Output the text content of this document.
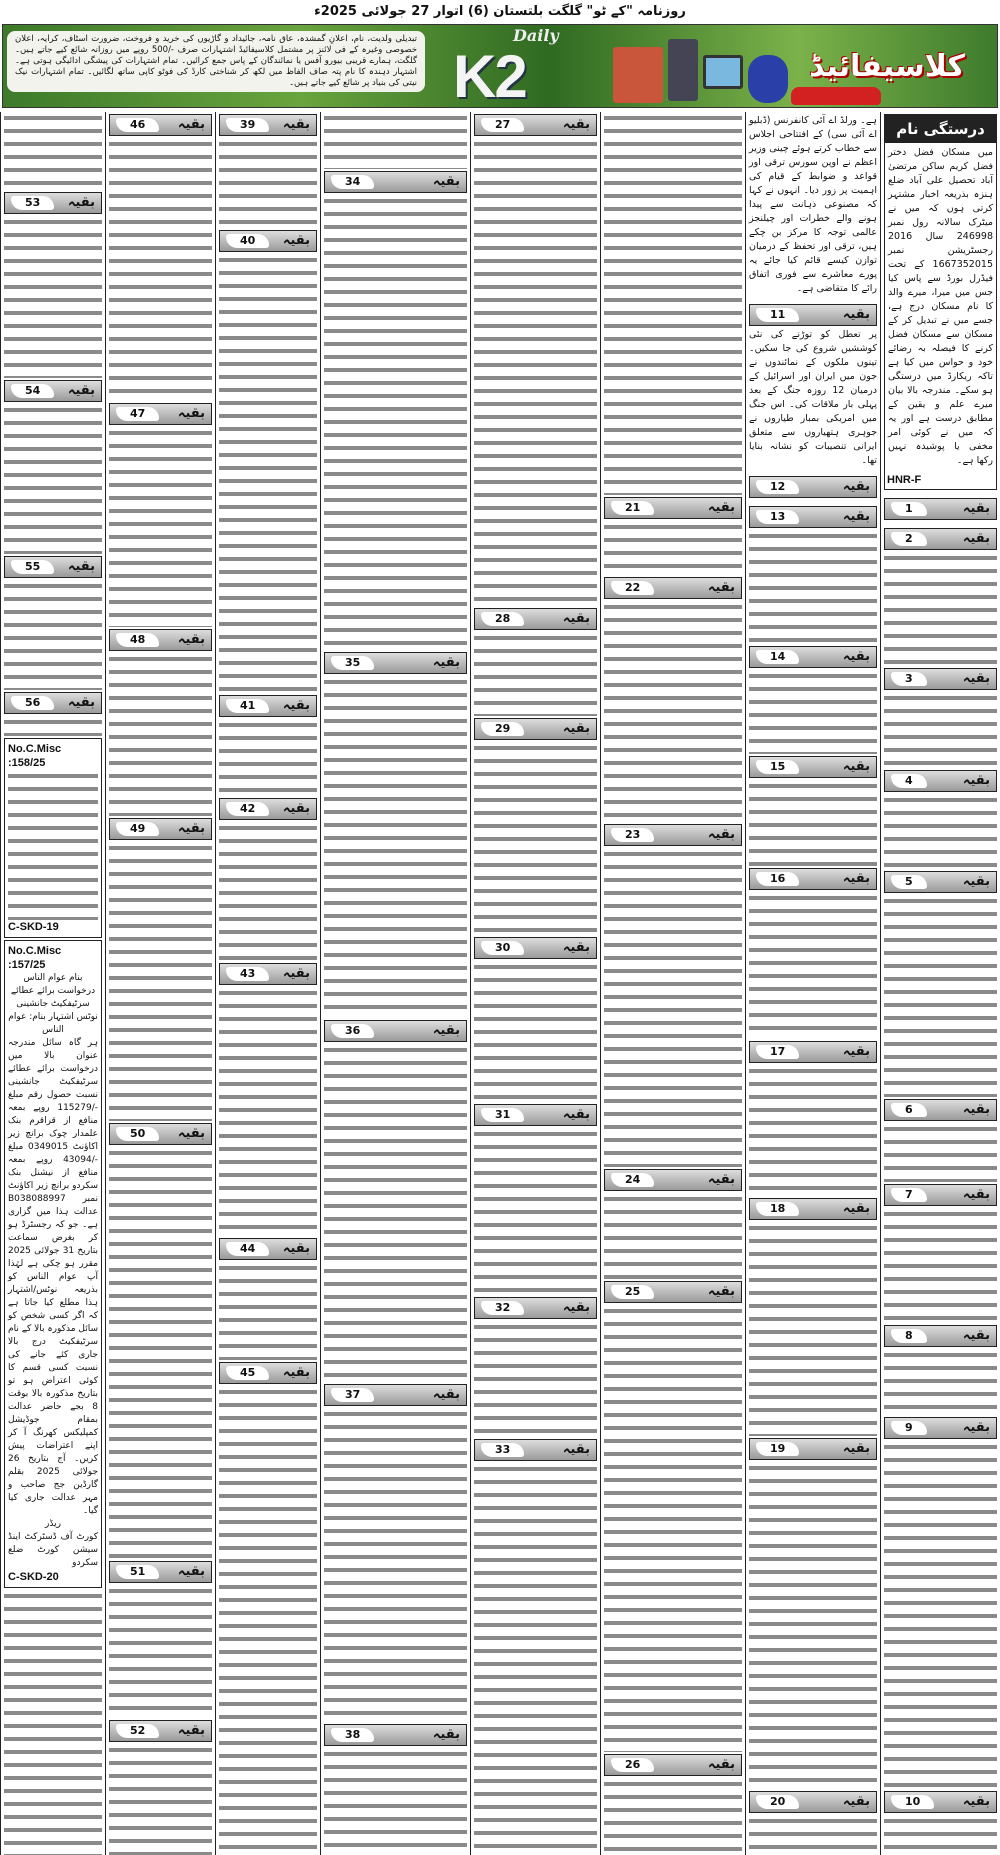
روزنامہ "کے ٹو" گلگت بلتستان (6) اتوار 27 جولائی 2025ء
تبدیلی ولدیت، نام، اعلانِ گمشدہ، عاق نامہ، جائیداد و گاڑیوں کی خرید و فروخت، ضرورت اسٹاف، کرایہ، اعلان خصوصی وغیرہ کے فی لائنز پر مشتمل کلاسیفائیڈ اشتہارات صرف -/500 روپے میں روزانہ شائع کیے جاتے ہیں۔ گلگت، ہمارے قریبی بیورو آفس یا نمائندگان کے پاس جمع کرائیں۔ تمام اشتہارات کی پیشگی ادائیگی ہوتی ہے۔ اشتہار دہندہ کا نام پتہ صاف الفاظ میں لکھ کر شناختی کارڈ کی فوٹو کاپی ساتھ لگائیں۔ تمام اشتہارات نیک نیتی کی بنیاد پر شائع کیے جاتے ہیں۔
Daily
K2	کلاسیفائیڈ
درستگی نام
میں مسکان فضل دختر فضل کریم ساکن مرتضیٰ آباد تحصیل علی آباد ضلع ہنزہ بذریعہ اخبار مشتہر کرتی ہوں کہ میں نے میٹرک سالانہ رول نمبر 246998 سال 2016 رجسٹریشن نمبر 1667352015 کے تحت فیڈرل بورڈ سے پاس کیا جس میں میرا، میرے والد کا نام مسکان درج ہے، جسے میں نے تبدیل کر کے مسکان سے مسکان فضل کرنے کا فیصلہ بہ رضائے خود و حواس میں کیا ہے تاکہ ریکارڈ میں درستگی ہو سکے۔ مندرجہ بالا بیان میرے علم و یقین کے مطابق درست ہے اور یہ کہ میں نے کوئی امر مخفی یا پوشیدہ نہیں رکھا ہے۔
HNR-F
بقیہ
1
بقیہ
2
بقیہ
3
بقیہ
4
بقیہ
5
بقیہ
6
بقیہ
7
بقیہ
8
بقیہ
9
بقیہ
10
ہے۔ ورلڈ اے آئی کانفرنس (ڈبلیو اے آئی سی) کے افتتاحی اجلاس سے خطاب کرتے ہوئے چینی وزیر اعظم نے اوپن سورس ترقی اور قواعد و ضوابط کے قیام کی اہمیت پر زور دیا۔ انہوں نے کہا کہ مصنوعی ذہانت سے پیدا ہونے والے خطرات اور چیلنجز عالمی توجہ کا مرکز بن چکے ہیں، ترقی اور تحفظ کے درمیان توازن کیسے قائم کیا جائے یہ پورے معاشرے سے فوری اتفاق رائے کا متقاضی ہے۔
بقیہ
11
پر تعطل کو توڑنے کی نئی کوششیں شروع کی جا سکیں۔ تینوں ملکوں کے نمائندوں نے جون میں ایران اور اسرائیل کے درمیان 12 روزہ جنگ کے بعد پہلی بار ملاقات کی۔ اس جنگ میں امریکی بمبار طیاروں نے جوہری ہتھیاروں سے متعلق ایرانی تنصیبات کو نشانہ بنایا تھا۔
بقیہ
12
بقیہ
13
بقیہ
14
بقیہ
15
بقیہ
16
بقیہ
17
بقیہ
18
بقیہ
19
بقیہ
20
بقیہ
21
بقیہ
22
بقیہ
23
بقیہ
24
بقیہ
25
بقیہ
26
بقیہ
27
بقیہ
28
بقیہ
29
بقیہ
30
بقیہ
31
بقیہ
32
بقیہ
33
بقیہ
34
بقیہ
35
بقیہ
36
بقیہ
37
بقیہ
38
بقیہ
39
بقیہ
40
بقیہ
41
بقیہ
42
بقیہ
43
بقیہ
44
بقیہ
45
بقیہ
46
بقیہ
47
بقیہ
48
بقیہ
49
بقیہ
50
بقیہ
51
بقیہ
52
بقیہ
53
بقیہ
54
بقیہ
55
بقیہ
56
No.C.Misc :158/25
C-SKD-19
No.C.Misc :157/25
بنام عوام الناس
درخواست برائے عطائے سرٹیفکیٹ جانشینی
نوٹس اشتہار بنام: عوام الناس
ہر گاہ سائل مندرجہ عنوان بالا میں درخواست برائے عطائے سرٹیفکیٹ جانشینی نسبت حصول رقم مبلغ -/115279 روپے بمعہ منافع از قراقرم بنک علمدار چوک برانچ زیر اکاؤنٹ 0349015 مبلغ -/43094 روپے بمعہ منافع از نیشنل بنک سکردو برانچ زیر اکاؤنٹ نمبر B038088997 عدالت ہذا میں گزاری ہے۔ جو کہ رجسٹرڈ ہو کر بغرض سماعت بتاریخ 31 جولائی 2025 مقرر ہو چکی ہے لہٰذا آپ عوام الناس کو بذریعہ نوٹس/اشتہار ہذا مطلع کیا جاتا ہے کہ اگر کسی شخص کو سائل مذکورہ بالا کے نام سرٹیفکیٹ درج بالا جاری کئے جانے کی نسبت کسی قسم کا کوئی اعتراض ہو تو بتاریخ مذکورہ بالا بوقت 8 بجے حاضر عدالت بمقام جوڈیشل کمپلیکس کھرنگ آ کر اپنے اعتراضات پیش کریں۔ آج بتاریخ 26 جولائی 2025 بقلم گارڈین جج صاحب و مہر عدالت جاری کیا گیا۔
ریڈر
کورٹ آف ڈسٹرکٹ اینڈ سیشن کورٹ ضلع سکردو
C-SKD-20
